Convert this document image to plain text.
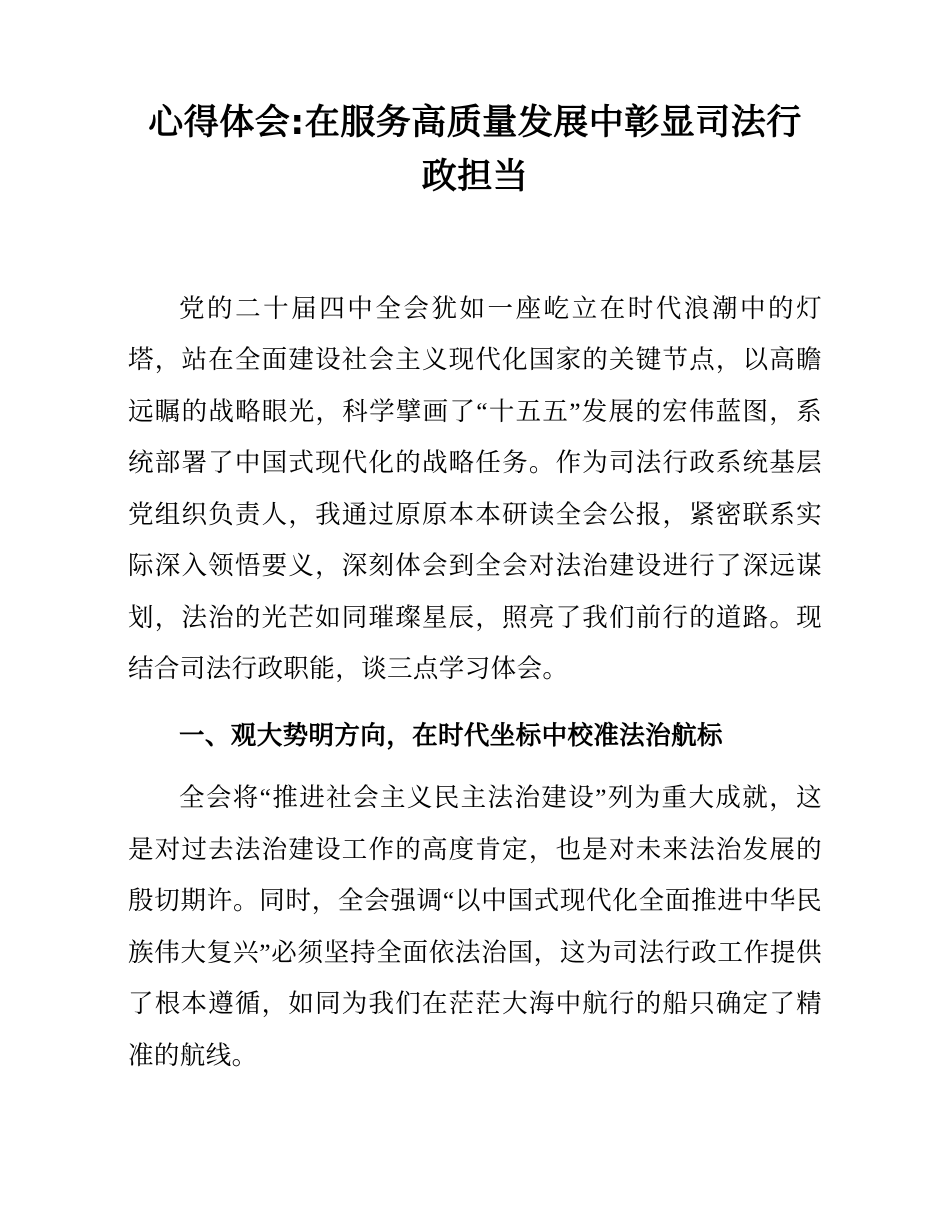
心得体会:在服务高质量发展中彰显司法行政担当

党的二十届四中全会犹如一座屹立在时代浪潮中的灯塔，站在全面建设社会主义现代化国家的关键节点，以高瞻远瞩的战略眼光，科学擘画了“十五五”发展的宏伟蓝图，系统部署了中国式现代化的战略任务。作为司法行政系统基层党组织负责人，我通过原原本本研读全会公报，紧密联系实际深入领悟要义，深刻体会到全会对法治建设进行了深远谋划，法治的光芒如同璀璨星辰，照亮了我们前行的道路。现结合司法行政职能，谈三点学习体会。

一、观大势明方向，在时代坐标中校准法治航标

全会将“推进社会主义民主法治建设”列为重大成就，这是对过去法治建设工作的高度肯定，也是对未来法治发展的殷切期许。同时，全会强调“以中国式现代化全面推进中华民族伟大复兴”必须坚持全面依法治国，这为司法行政工作提供了根本遵循，如同为我们在茫茫大海中航行的船只确定了精准的航线。
